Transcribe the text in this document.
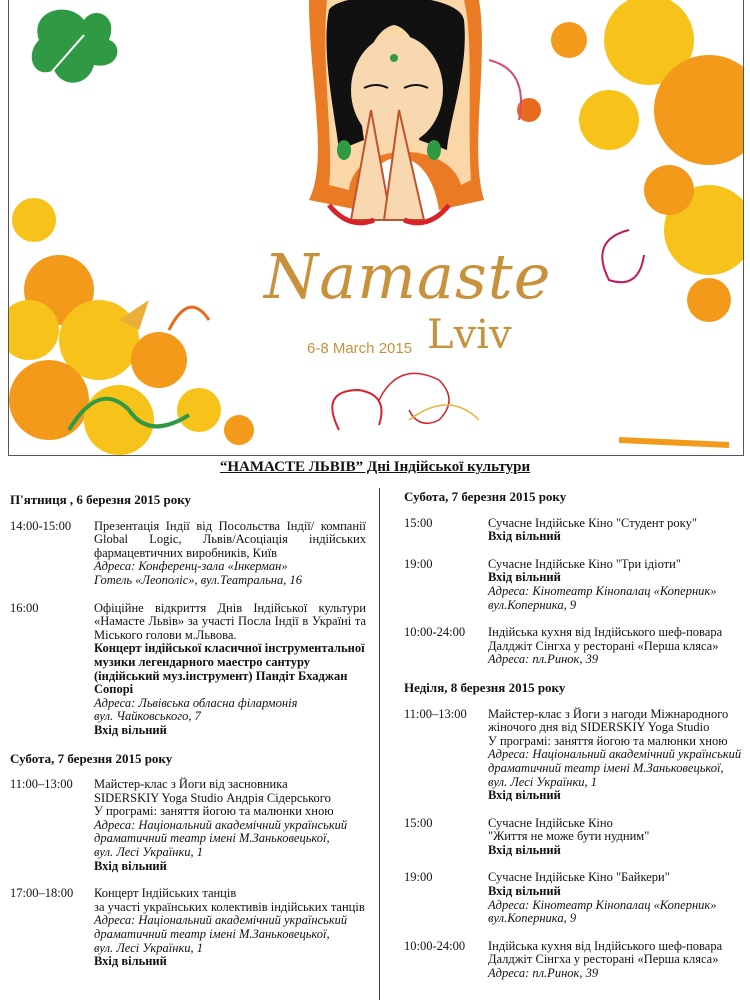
Namaste
Lviv
6-8 March 2015
“НАМАСТЕ ЛЬВІВ” Дні Індійської культури
П'ятниця , 6 березня 2015 року
14:00-15:00	Презентація Індії від Посольства Індії/ компанії Global Logic, Львів/Асоціація індійських фармацевтичних виробників, Київ

Адреса: Конференц-зала «Інкерман»

Готель «Леополіс», вул.Театральна, 16

16:00	Офіційне відкриття Днів Індійської культури «Намасте Львів» за участі Посла Індії в Україні та Міського голови м.Львова.

Концерт індійської класичної інструментальної музики легендарного маестро сантуру (індійський муз.інструмент) Пандіт Бхаджан Сопорі

Адреса: Львівська обласна філармонія

вул. Чайковського, 7

Вхід вільний

Субота, 7 березня 2015 року
11:00–13:00	Майстер-клас з Йоги від засновника

SIDERSKIY Yoga Studio Андрія Сідерського

У програмі: заняття йогою та малюнки хною

Адреса: Національний академічний український драматичний театр імені М.Заньковецької,

вул. Лесі Українки, 1

Вхід вільний

17:00–18:00	Концерт Індійських танців

за участі українських колективів індійських танців

Адреса: Національний академічний український драматичний театр імені М.Заньковецької,

вул. Лесі Українки, 1

Вхід вільний

Субота, 7 березня 2015 року
15:00	Сучасне Індійське Кіно "Студент року"

Вхід вільний

19:00	Сучасне Індійське Кіно "Три ідіоти"

Вхід вільний

Адреса: Кінотеатр Кінопалац «Коперник»

вул.Коперника, 9

10:00-24:00	Індійська кухня від Індійського шеф-повара

Далджіт Сінгха у ресторані «Перша кляса»

Адреса: пл.Ринок, 39

Неділя, 8 березня 2015 року
11:00–13:00	Майстер-клас з Йоги з нагоди Міжнародного жіночого дня від SIDERSKIY Yoga Studio

У програмі: заняття йогою та малюнки хною

Адреса: Національний академічний український драматичний театр імені М.Заньковецької,

вул. Лесі Українки, 1

Вхід вільний

15:00	Сучасне Індійське Кіно

"Життя не може бути нудним"

Вхід вільний

19:00	Сучасне Індійське Кіно "Байкери"

Вхід вільний

Адреса: Кінотеатр Кінопалац «Коперник»

вул.Коперника, 9

10:00-24:00	Індійська кухня від Індійського шеф-повара

Далджіт Сінгха у ресторані «Перша кляса»

Адреса: пл.Ринок, 39
